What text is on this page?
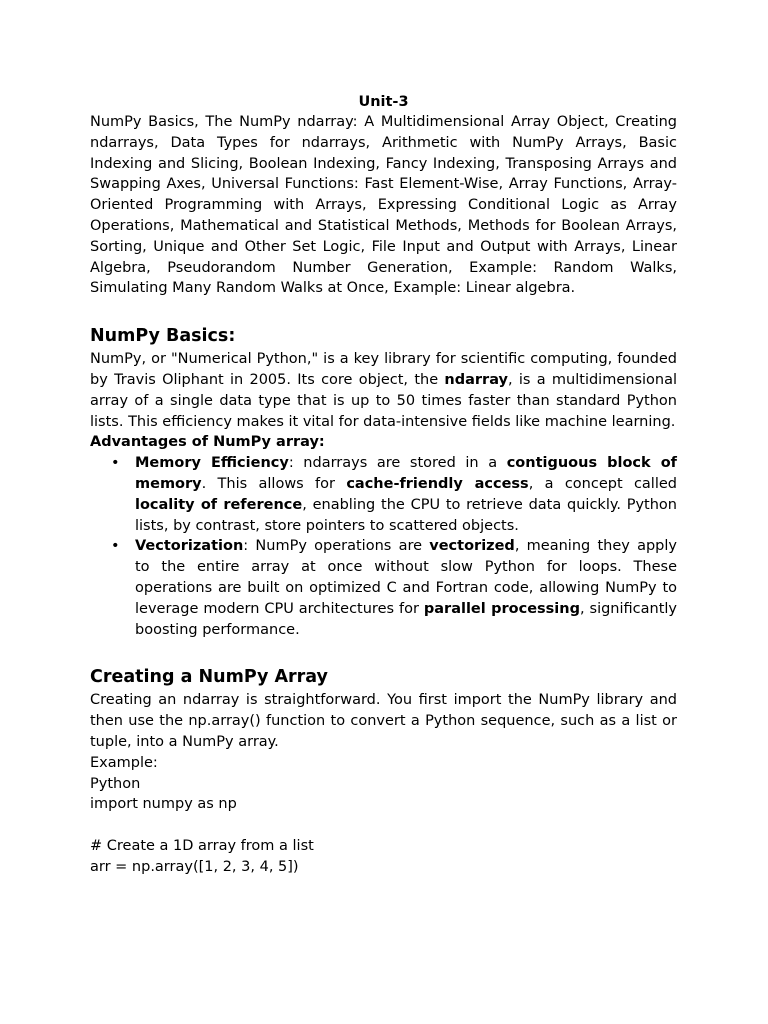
Unit-3

NumPy Basics, The NumPy ndarray: A Multidimensional Array Object, Creating ndarrays, Data Types for ndarrays, Arithmetic with NumPy Arrays, Basic Indexing and Slicing, Boolean Indexing, Fancy Indexing, Transposing Arrays and Swapping Axes, Universal Functions: Fast Element-Wise, Array Functions, Array-Oriented Programming with Arrays, Expressing Conditional Logic as Array Operations, Mathematical and Statistical Methods, Methods for Boolean Arrays, Sorting, Unique and Other Set Logic, File Input and Output with Arrays, Linear Algebra, Pseudorandom Number Generation, Example: Random Walks, Simulating Many Random Walks at Once, Example: Linear algebra.

NumPy Basics:

NumPy, or "Numerical Python," is a key library for scientific computing, founded by Travis Oliphant in 2005. Its core object, the ndarray, is a multidimensional array of a single data type that is up to 50 times faster than standard Python lists. This efficiency makes it vital for data-intensive fields like machine learning.

Advantages of NumPy array:

• Memory Efficiency: ndarrays are stored in a contiguous block of memory. This allows for cache-friendly access, a concept called locality of reference, enabling the CPU to retrieve data quickly. Python lists, by contrast, store pointers to scattered objects.
• Vectorization: NumPy operations are vectorized, meaning they apply to the entire array at once without slow Python for loops. These operations are built on optimized C and Fortran code, allowing NumPy to leverage modern CPU architectures for parallel processing, significantly boosting performance.
Creating a NumPy Array

Creating an ndarray is straightforward. You first import the NumPy library and then use the np.array() function to convert a Python sequence, such as a list or tuple, into a NumPy array.

Example:

Python

import numpy as np

# Create a 1D array from a list

arr = np.array([1, 2, 3, 4, 5])
